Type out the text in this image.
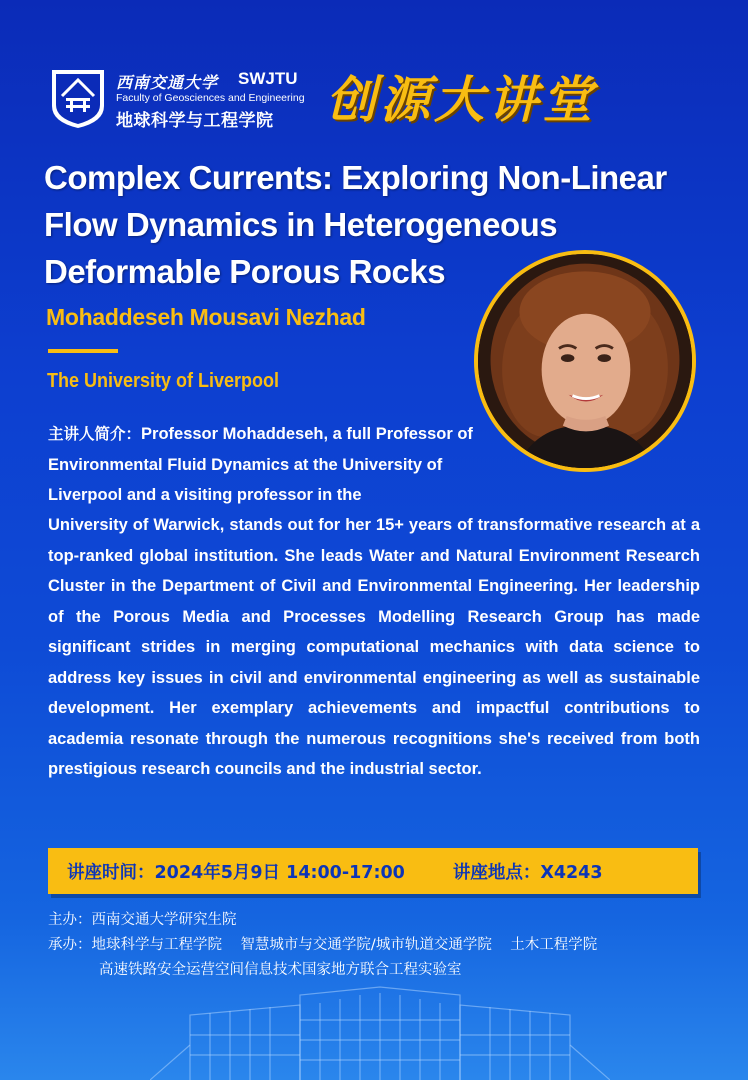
西南交通大学 SWJTU
Faculty of Geosciences and Engineering
地球科学与工程学院 创源大讲堂
Complex Currents: Exploring Non-Linear
Flow Dynamics in Heterogeneous
Deformable Porous Rocks
Mohaddeseh Mousavi Nezhad
The University of Liverpool
主讲人简介：Professor Mohaddeseh, a full Professor of Environmental Fluid Dynamics at the University of Liverpool and a visiting professor in the
University of Warwick, stands out for her 15+ years of transformative research at a top-ranked global institution. She leads Water and Natural Environment Research Cluster in the Department of Civil and Environmental Engineering. Her leadership of the Porous Media and Processes Modelling Research Group has made significant strides in merging computational mechanics with data science to address key issues in civil and environmental engineering as well as sustainable development. Her exemplary achievements and impactful contributions to academia resonate through the numerous recognitions she's received from both prestigious research councils and the industrial sector.
讲座时间：2024年5月9日 14:00-17:00	讲座地点：X4243
主办：西南交通大学研究生院
承办：地球科学与工程学院    智慧城市与交通学院/城市轨道交通学院    土木工程学院
高速铁路安全运营空间信息技术国家地方联合工程实验室
